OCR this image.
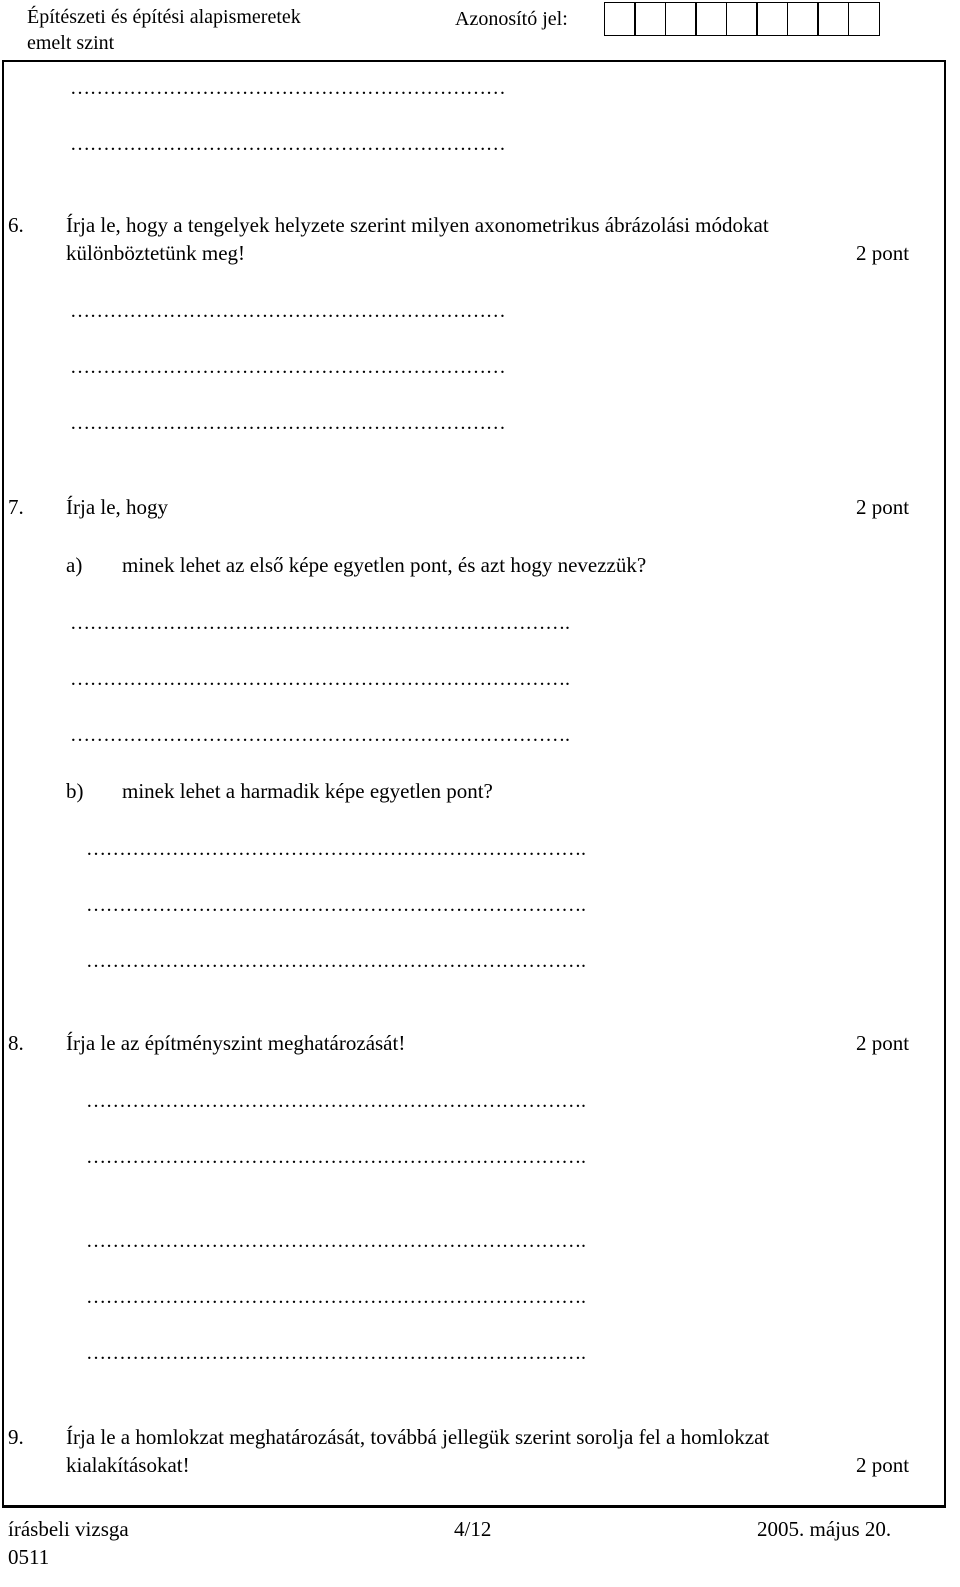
Építészeti és építési alapismeretek
emelt szint
Azonosító jel:
…………………………………………………………
…………………………………………………………
6. Írja le, hogy a tengelyek helyzete szerint milyen axonometrikus ábrázolási módokat
különböztetünk meg!	2 pont
…………………………………………………………
…………………………………………………………
…………………………………………………………
7. Írja le, hogy	2 pont
a) minek lehet az első képe egyetlen pont, és azt hogy nevezzük?
………………………………………………………………….
………………………………………………………………….
………………………………………………………………….
b) minek lehet a harmadik képe egyetlen pont?
………………………………………………………………….
………………………………………………………………….
………………………………………………………………….
8. Írja le az építményszint meghatározását!	2 pont
………………………………………………………………….
………………………………………………………………….
………………………………………………………………….
………………………………………………………………….
………………………………………………………………….
9. Írja le a homlokzat meghatározását, továbbá jellegük szerint sorolja fel a homlokzat
kialakításokat!	2 pont
írásbeli vizsga
0511
4/12	2005. május 20.
